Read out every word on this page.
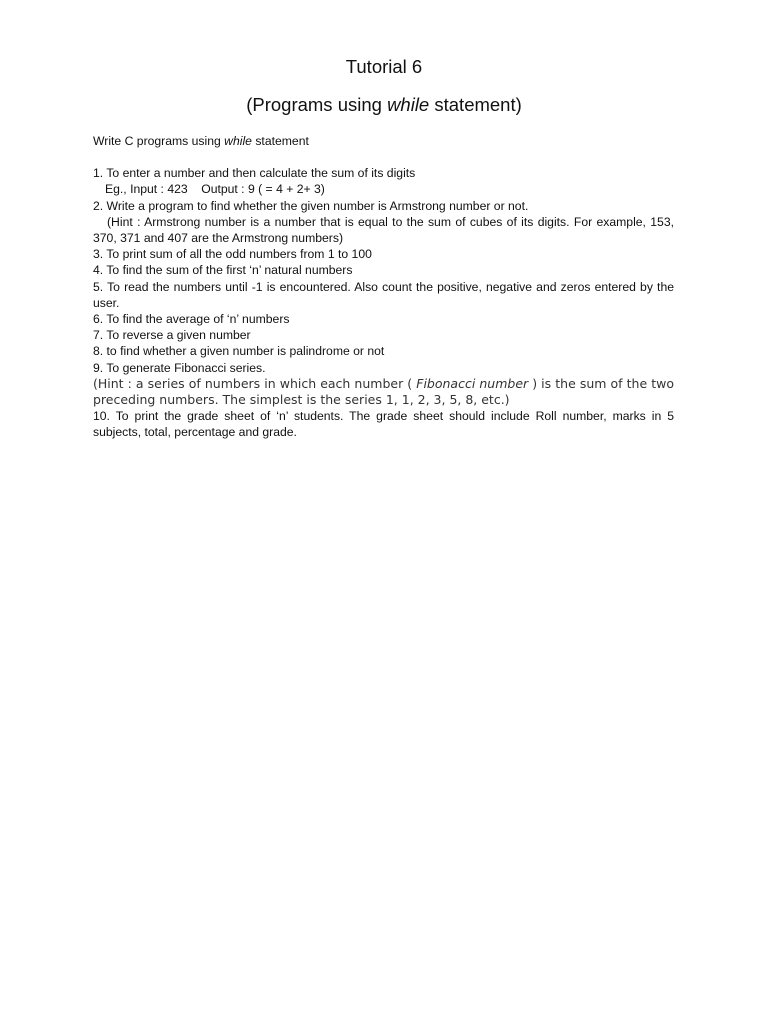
Tutorial 6
(Programs using while statement)

Write C programs using while statement

1. To enter a number and then calculate the sum of its digits

Eg., Input : 423    Output : 9 ( = 4 + 2+ 3)

2. Write a program to find whether the given number is Armstrong number or not.

(Hint : Armstrong number is a number that is equal to the sum of cubes of its digits. For example, 153, 370, 371 and 407 are the Armstrong numbers)

3. To print sum of all the odd numbers from 1 to 100

4. To find the sum of the first ‘n’ natural numbers

5. To read the numbers until -1 is encountered. Also count the positive, negative and zeros entered by the user.

6. To find the average of ‘n’ numbers

7. To reverse a given number

8. to find whether a given number is palindrome or not

9. To generate Fibonacci series.

(Hint : a series of numbers in which each number ( Fibonacci number ) is the sum of the two preceding numbers. The simplest is the series 1, 1, 2, 3, 5, 8, etc.)

10. To print the grade sheet of ‘n’ students. The grade sheet should include Roll number, marks in 5 subjects, total, percentage and grade.
